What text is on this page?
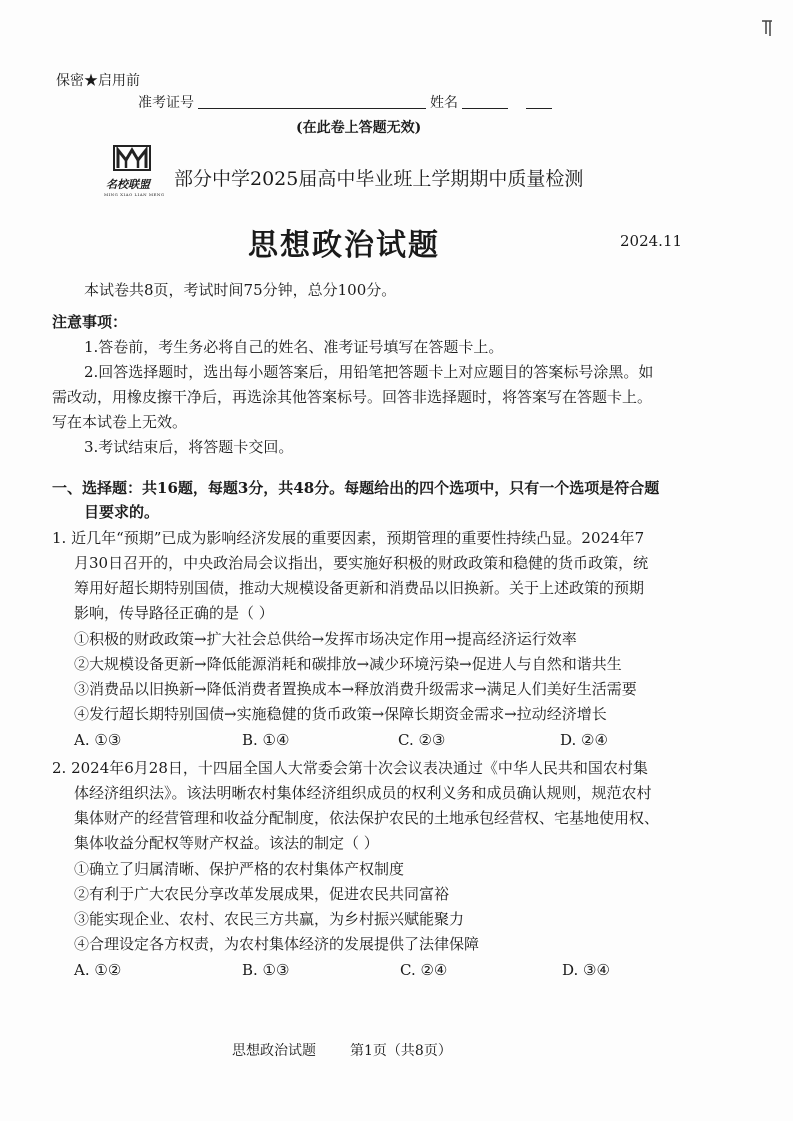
保密★启用前
准考证号	姓名
(在此卷上答题无效)
名校联盟
MING XIAO LIAN MENG
部分中学2025届高中毕业班上学期期中质量检测
思想政治试题	2024.11
本试卷共8页，考试时间75分钟，总分100分。
注意事项：
1.答卷前，考生务必将自己的姓名、准考证号填写在答题卡上。
2.回答选择题时，选出每小题答案后，用铅笔把答题卡上对应题目的答案标号涂黑。如
需改动，用橡皮擦干净后，再选涂其他答案标号。回答非选择题时，将答案写在答题卡上。
写在本试卷上无效。
3.考试结束后，将答题卡交回。
一、选择题：共16题，每题3分，共48分。每题给出的四个选项中，只有一个选项是符合题
目要求的。
1. 近几年“预期”已成为影响经济发展的重要因素，预期管理的重要性持续凸显。2024年7
月30日召开的，中央政治局会议指出，要实施好积极的财政政策和稳健的货币政策，统
筹用好超长期特别国债，推动大规模设备更新和消费品以旧换新。关于上述政策的预期
影响，传导路径正确的是（ ）
①积极的财政政策→扩大社会总供给→发挥市场决定作用→提高经济运行效率
②大规模设备更新→降低能源消耗和碳排放→减少环境污染→促进人与自然和谐共生
③消费品以旧换新→降低消费者置换成本→释放消费升级需求→满足人们美好生活需要
④发行超长期特别国债→实施稳健的货币政策→保障长期资金需求→拉动经济增长
A. ①③	B. ①④	C. ②③	D. ②④
2. 2024年6月28日，十四届全国人大常委会第十次会议表决通过《中华人民共和国农村集
体经济组织法》。该法明晰农村集体经济组织成员的权利义务和成员确认规则，规范农村
集体财产的经营管理和收益分配制度，依法保护农民的土地承包经营权、宅基地使用权、
集体收益分配权等财产权益。该法的制定（ ）
①确立了归属清晰、保护严格的农村集体产权制度
②有利于广大农民分享改革发展成果，促进农民共同富裕
③能实现企业、农村、农民三方共赢，为乡村振兴赋能聚力
④合理设定各方权责，为农村集体经济的发展提供了法律保障
A. ①②	B. ①③	C. ②④	D. ③④
思想政治试题 第1页（共8页）
